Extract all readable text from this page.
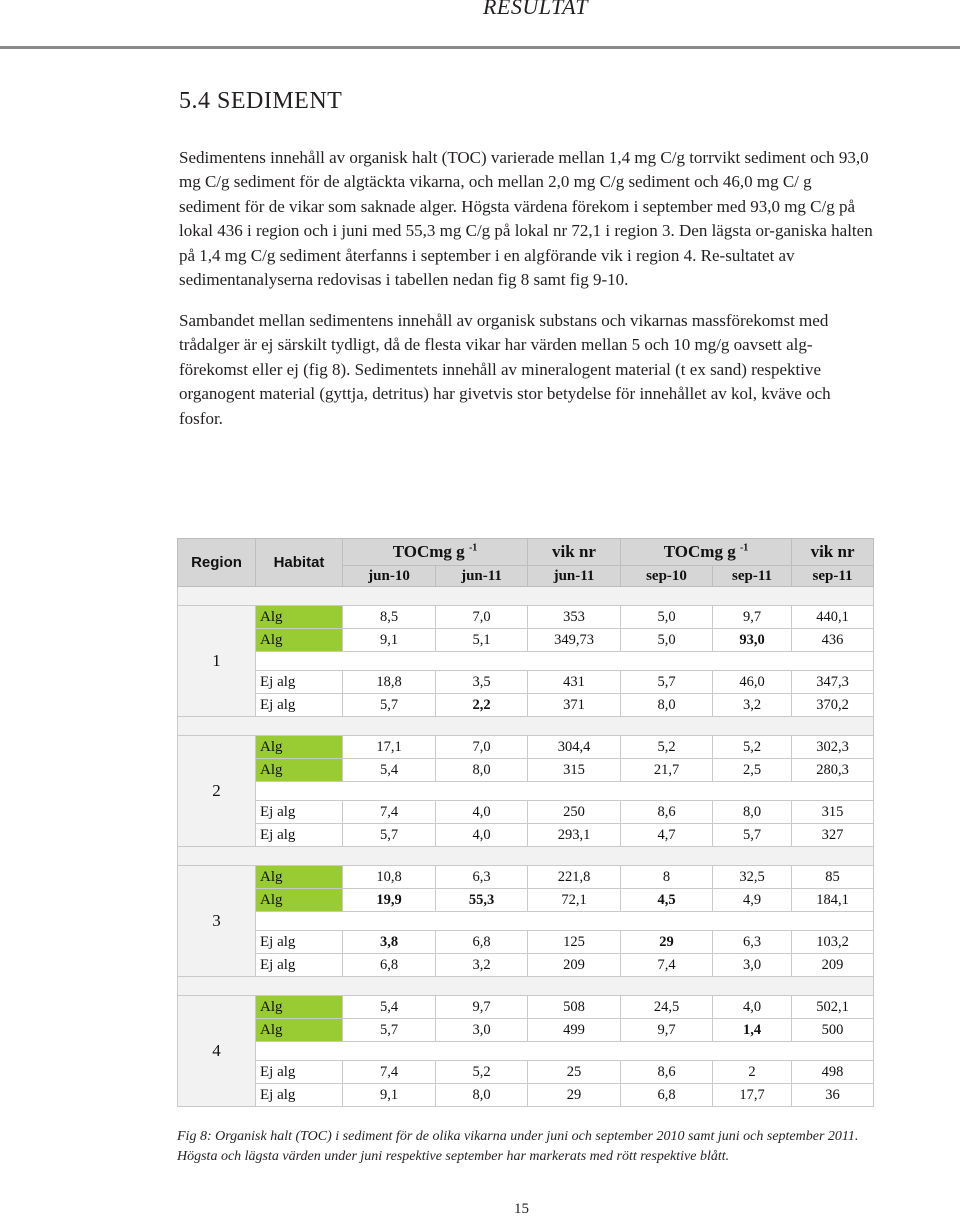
RESULTAT
5.4 SEDIMENT

Sedimentens innehåll av organisk halt (TOC) varierade mellan 1,4 mg C/g torrvikt sediment och 93,0 mg C/g sediment för de algtäckta vikarna, och mellan 2,0 mg C/g sediment och 46,0 mg C/ g sediment för de vikar som saknade alger. Högsta värdena förekom i september med 93,0 mg C/g på lokal 436 i region och i juni med 55,3 mg C/g på lokal nr 72,1 i region 3. Den lägsta or-ganiska halten på 1,4 mg C/g sediment återfanns i september i en algförande vik i region 4. Re-sultatet av sedimentanalyserna redovisas i tabellen nedan fig 8 samt fig 9-10.

Sambandet mellan sedimentens innehåll av organisk substans och vikarnas massförekomst med trådalger är ej särskilt tydligt, då de flesta vikar har värden mellan 5 och 10 mg/g oavsett alg-förekomst eller ej (fig 8). Sedimentets innehåll av mineralogent material (t ex sand) respektive organogent material (gyttja, detritus) har givetvis stor betydelse för innehållet av kol, kväve och fosfor.

Region	Habitat	TOCmg g $^{-1}$		vik nr	TOCmg g $^{-1}$		vik nr
		jun-10	jun-11	jun-11	sep-10	sep-11	sep-11

1	Alg	8,5	7,0	353	5,0	9,7	440,1
	Alg	9,1	5,1	349,73	5,0	93,0	436

	Ej alg	18,8	3,5	431	5,7	46,0	347,3
	Ej alg	5,7	2,2	371	8,0	3,2	370,2

2	Alg	17,1	7,0	304,4	5,2	5,2	302,3
	Alg	5,4	8,0	315	21,7	2,5	280,3

	Ej alg	7,4	4,0	250	8,6	8,0	315
	Ej alg	5,7	4,0	293,1	4,7	5,7	327

3	Alg	10,8	6,3	221,8	8	32,5	85
	Alg	19,9	55,3	72,1	4,5	4,9	184,1

	Ej alg	3,8	6,8	125	29	6,3	103,2
	Ej alg	6,8	3,2	209	7,4	3,0	209

4	Alg	5,4	9,7	508	24,5	4,0	502,1
	Alg	5,7	3,0	499	9,7	1,4	500

	Ej alg	7,4	5,2	25	8,6	2	498
	Ej alg	9,1	8,0	29	6,8	17,7	36

Fig 8: Organisk halt (TOC) i sediment för de olika vikarna under juni och september 2010 samt juni och september 2011. Högsta och lägsta värden under juni respektive september har markerats med rött respektive blått.

15
